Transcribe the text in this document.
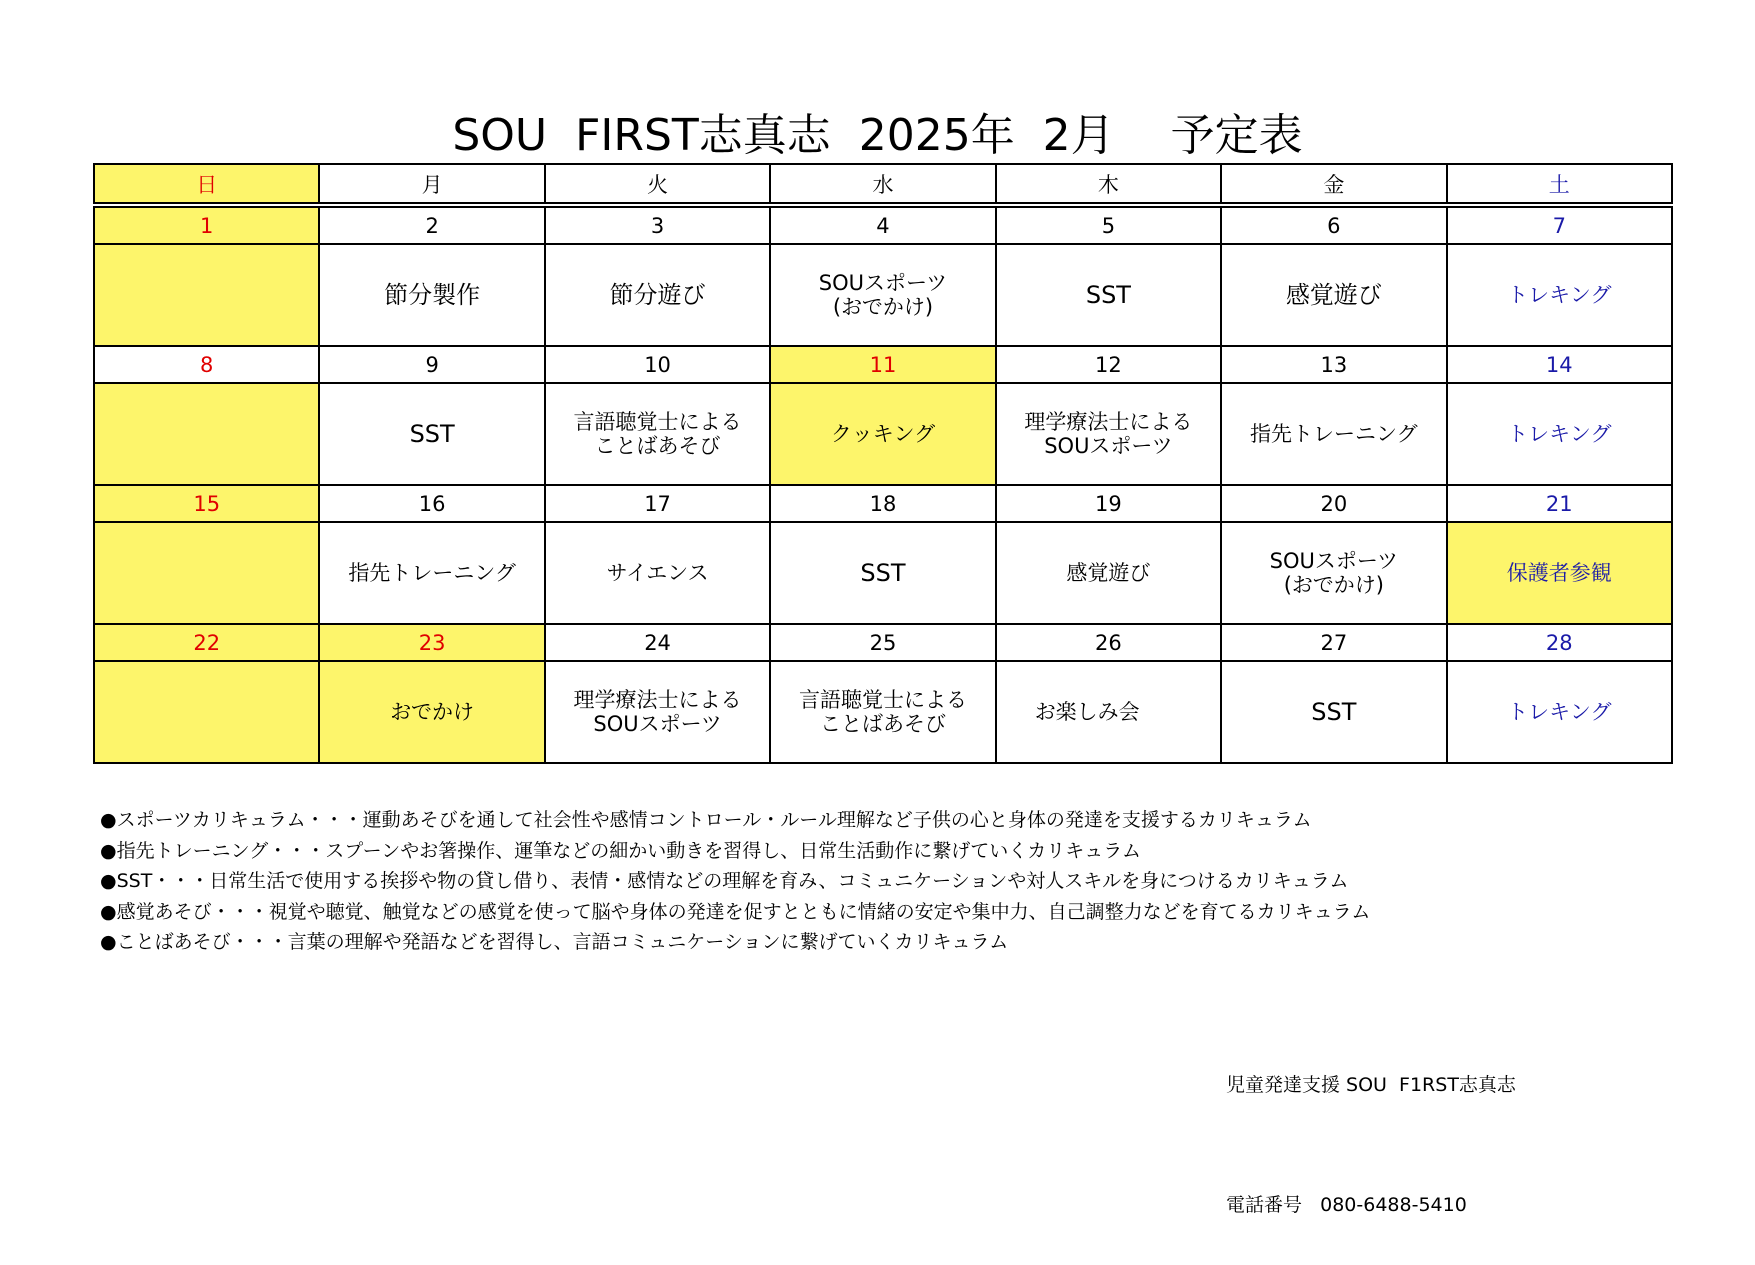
SOU  FIRST志真志  2025年  2月    予定表
日	月	火	水	木	金	土
1	2	3	4	5	6	7

	節分製作	節分遊び	SOUスポーツ
(おでかけ)	SST	感覚遊び	トレキング

8	9	10	11	12	13	14

	SST	言語聴覚士による
ことばあそび	クッキング	理学療法士による
SOUスポーツ	指先トレーニング	トレキング

15	16	17	18	19	20	21

	指先トレーニング	サイエンス	SST	感覚遊び	SOUスポーツ
(おでかけ)	保護者参観

22	23	24	25	26	27	28

	おでかけ	理学療法士による
SOUスポーツ	言語聴覚士による
ことばあそび	お楽しみ会	SST	トレキング
●スポーツカリキュラム・・・運動あそびを通して社会性や感情コントロール・ルール理解など子供の心と身体の発達を支援するカリキュラム
●指先トレーニング・・・スプーンやお箸操作、運筆などの細かい動きを習得し、日常生活動作に繋げていくカリキュラム
●SST・・・日常生活で使用する挨拶や物の貸し借り、表情・感情などの理解を育み、コミュニケーションや対人スキルを身につけるカリキュラム
●感覚あそび・・・視覚や聴覚、触覚などの感覚を使って脳や身体の発達を促すとともに情緒の安定や集中力、自己調整力などを育てるカリキュラム
●ことばあそび・・・言葉の理解や発語などを習得し、言語コミュニケーションに繋げていくカリキュラム

児童発達支援 SOU  F1RST志真志

電話番号   080-6488-5410
